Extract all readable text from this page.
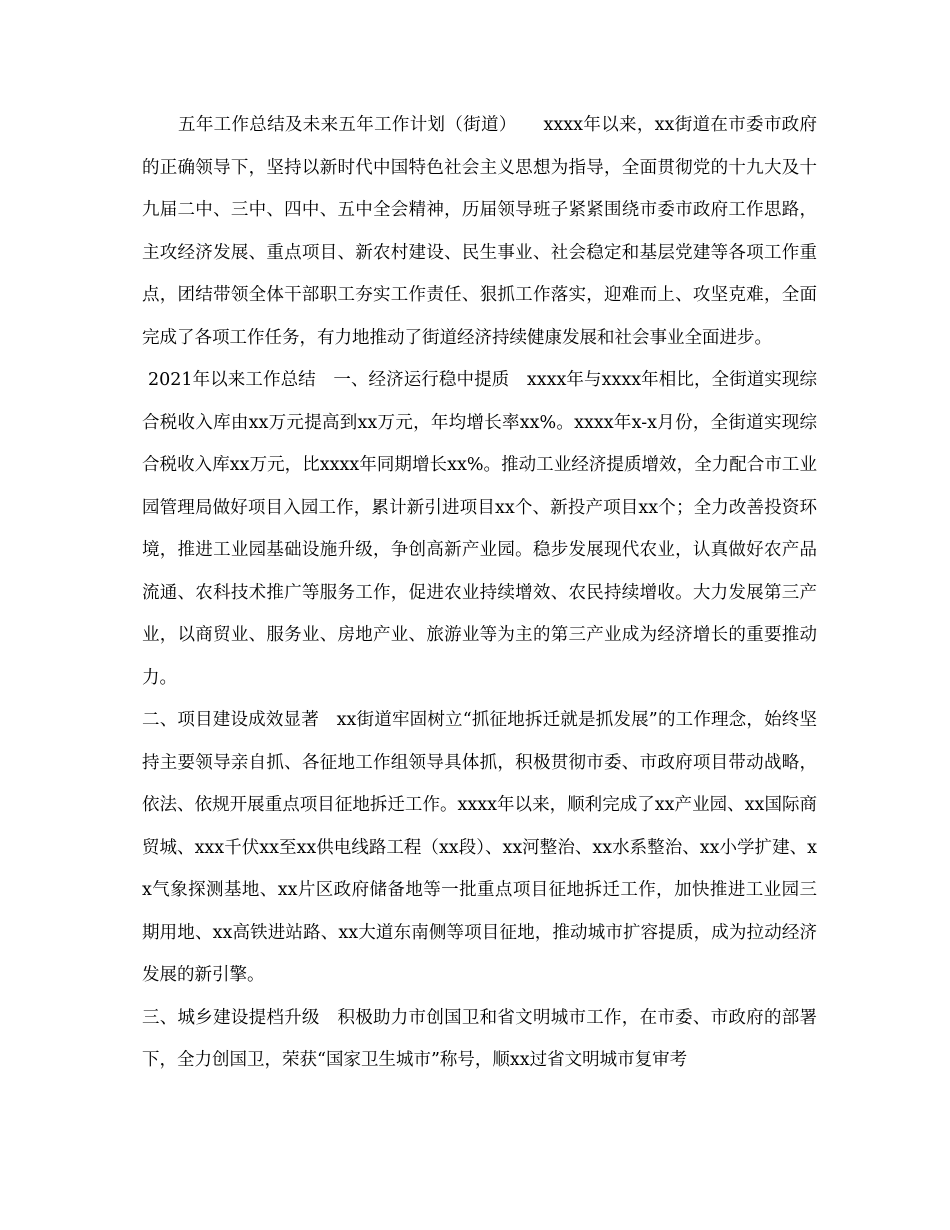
五年工作总结及未来五年工作计划（街道）　　xxxx年以来，xx街道在市委市政府的正确领导下，坚持以新时代中国特色社会主义思想为指导，全面贯彻党的十九大及十九届二中、三中、四中、五中全会精神，历届领导班子紧紧围绕市委市政府工作思路，主攻经济发展、重点项目、新农村建设、民生事业、社会稳定和基层党建等各项工作重点，团结带领全体干部职工夯实工作责任、狠抓工作落实，迎难而上、攻坚克难，全面完成了各项工作任务，有力地推动了街道经济持续健康发展和社会事业全面进步。

2021年以来工作总结　一、经济运行稳中提质　xxxx年与xxxx年相比，全街道实现综合税收入库由xx万元提高到xx万元，年均增长率xx%。xxxx年x-x月份，全街道实现综合税收入库xx万元，比xxxx年同期增长xx%。推动工业经济提质增效，全力配合市工业园管理局做好项目入园工作，累计新引进项目xx个、新投产项目xx个；全力改善投资环境，推进工业园基础设施升级，争创高新产业园。稳步发展现代农业，认真做好农产品流通、农科技术推广等服务工作，促进农业持续增效、农民持续增收。大力发展第三产业，以商贸业、服务业、房地产业、旅游业等为主的第三产业成为经济增长的重要推动力。

二、项目建设成效显著　xx街道牢固树立“抓征地拆迁就是抓发展”的工作理念，始终坚持主要领导亲自抓、各征地工作组领导具体抓，积极贯彻市委、市政府项目带动战略，依法、依规开展重点项目征地拆迁工作。xxxx年以来，顺利完成了xx产业园、xx国际商贸城、xxx千伏xx至xx供电线路工程（xx段）、xx河整治、xx水系整治、xx小学扩建、xx气象探测基地、xx片区政府储备地等一批重点项目征地拆迁工作，加快推进工业园三期用地、xx高铁进站路、xx大道东南侧等项目征地，推动城市扩容提质，成为拉动经济发展的新引擎。

三、城乡建设提档升级　积极助力市创国卫和省文明城市工作，在市委、市政府的部署下，全力创国卫，荣获“国家卫生城市”称号，顺xx过省文明城市复审考
